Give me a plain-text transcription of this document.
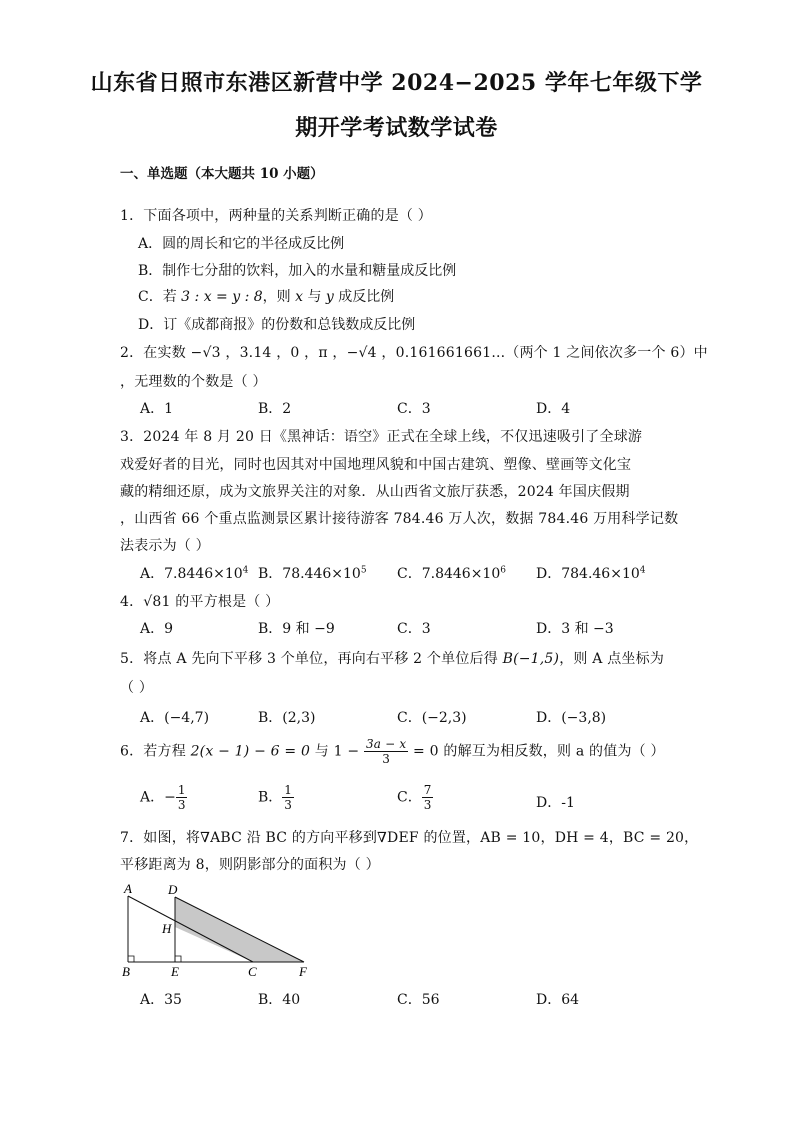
山东省日照市东港区新营中学 2024−2025 学年七年级下学
期开学考试数学试卷
一、单选题（本大题共 10 小题）
1．下面各项中，两种量的关系判断正确的是（ ）
A．圆的周长和它的半径成反比例
B．制作七分甜的饮料，加入的水量和糖量成反比例
C．若 3 : x = y : 8，则 x 与 y 成反比例
D．订《成都商报》的份数和总钱数成反比例
2．在实数 −√3 ，3.14 ，0 ，π ，−√4 ，0.161661661...（两个 1 之间依次多一个 6）中
，无理数的个数是（ ）
A．1	B．2	C．3	D．4
3．2024 年 8 月 20 日《黑神话：语空》正式在全球上线，不仅迅速吸引了全球游
戏爱好者的目光，同时也因其对中国地理风貌和中国古建筑、塑像、壁画等文化宝
藏的精细还原，成为文旅界关注的对象．从山西省文旅厅获悉，2024 年国庆假期
，山西省 66 个重点监测景区累计接待游客 784.46 万人次，数据 784.46 万用科学记数
法表示为（ ）
A．$7.8446\times 10^4$ B．$78.446\times 10^5$ C．$7.8446\times 10^6$ D．$784.46\times 10^4$
4．√81 的平方根是（ ）
A．9	B．9 和 −9	C．3	D．3 和 −3
5．将点 A 先向下平移 3 个单位，再向右平移 2 个单位后得 B(−1,5)，则 A 点坐标为
（ ）
A．(−4,7)	B．(2,3)	C．(−2,3)	D．(−3,8)
6．若方程 2(x − 1) − 6 = 0 与 $1 - \frac{3a - x}{3} = 0$ 的解互为相反数，则 a 的值为（ ）
A．− $\frac{1}{3}$	B． $\frac{1}{3}$	C． $\frac{7}{3}$	D．-1
7．如图，将∇ABC 沿 BC 的方向平移到∇DEF 的位置，AB = 10，DH = 4，BC = 20，
平移距离为 8，则阴影部分的面积为（ ）
A	D
H
B	E	C	F
A．35	B．40	C．56	D．64
